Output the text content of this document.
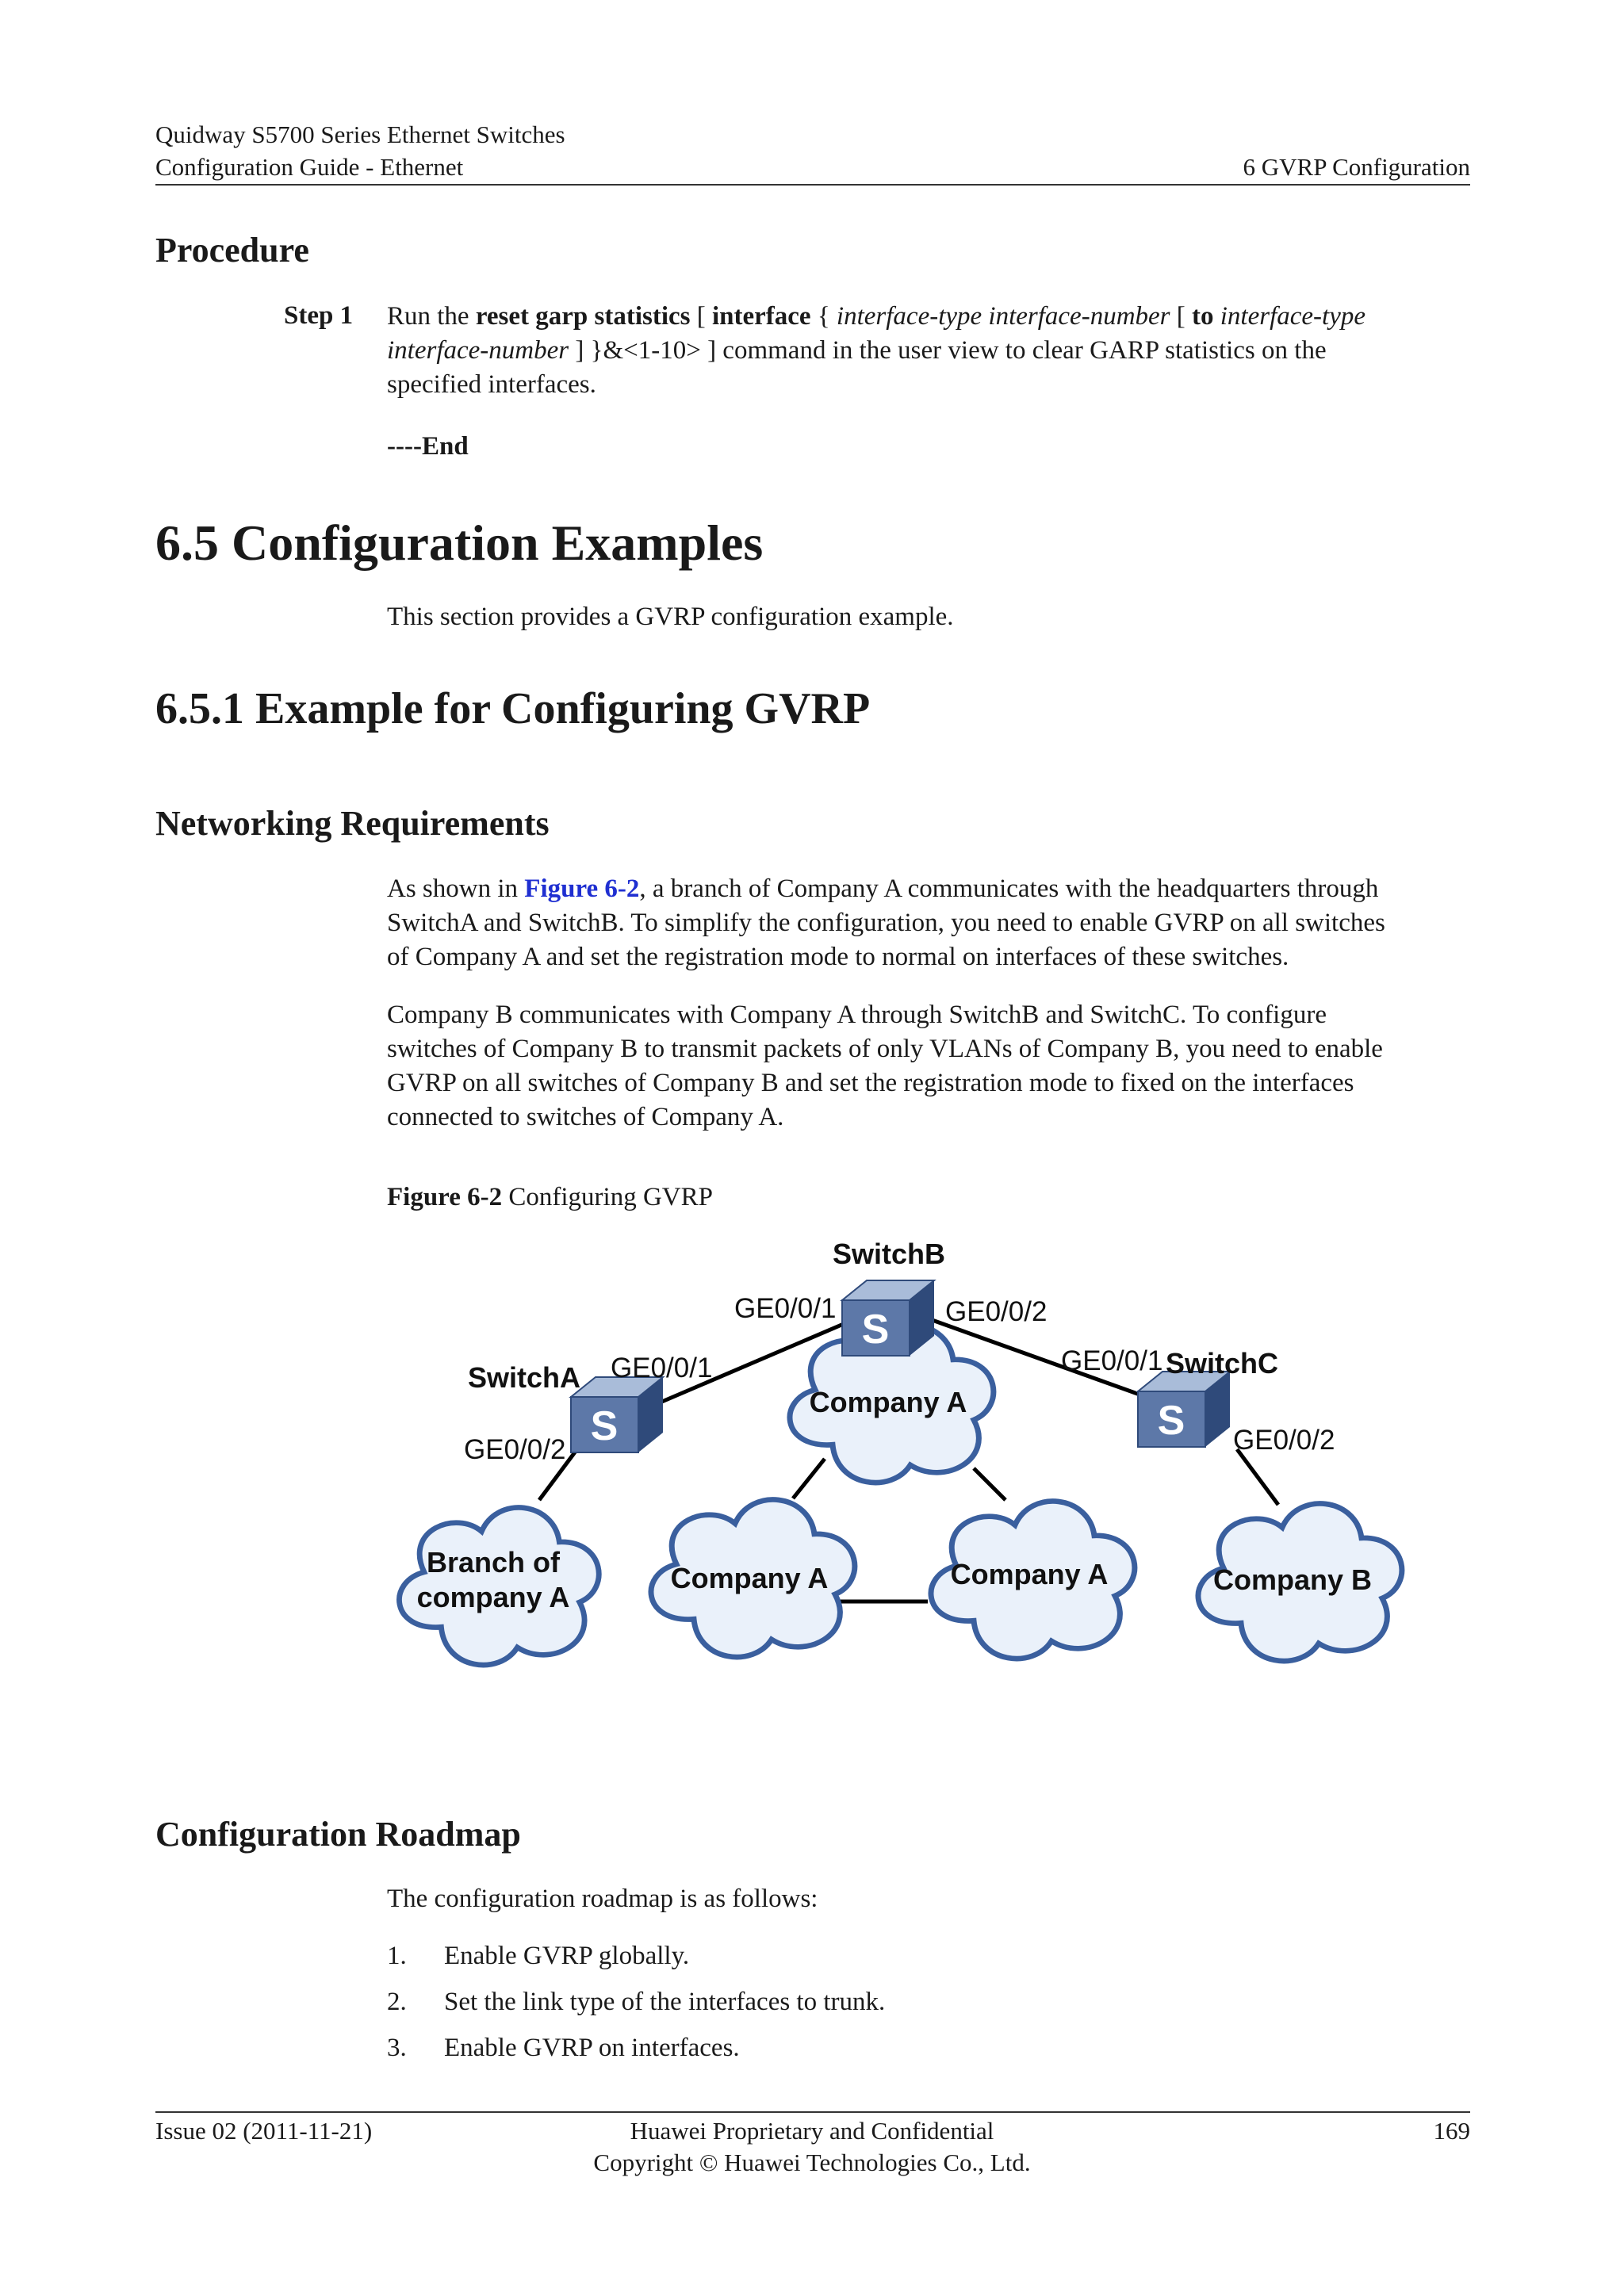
Quidway S5700 Series Ethernet Switches
Configuration Guide - Ethernet	6 GVRP Configuration
Procedure
Step 1 Run the reset garp statistics [ interface { interface-type interface-number [ to interface-type
interface-number ] }&<1-10> ] command in the user view to clear GARP statistics on the
specified interfaces.
----End
6.5 Configuration Examples
This section provides a GVRP configuration example.
6.5.1 Example for Configuring GVRP
Networking Requirements
As shown in Figure 6-2, a branch of Company A communicates with the headquarters through
SwitchA and SwitchB. To simplify the configuration, you need to enable GVRP on all switches
of Company A and set the registration mode to normal on interfaces of these switches.
Company B communicates with Company A through SwitchB and SwitchC. To configure
switches of Company B to transmit packets of only VLANs of Company B, you need to enable
GVRP on all switches of Company B and set the registration mode to fixed on the interfaces
connected to switches of Company A.
Figure 6-2 Configuring GVRP
S
S	S
SwitchB
SwitchA	SwitchC
GE0/0/1	GE0/0/2
GE0/0/1
GE0/0/2
GE0/0/1
GE0/0/2
Company A
Branch of
company A
Company A	Company A	Company B
Configuration Roadmap
The configuration roadmap is as follows:
1. Enable GVRP globally.
2. Set the link type of the interfaces to trunk.
3. Enable GVRP on interfaces.
Issue 02 (2011-11-21)	Huawei Proprietary and Confidential
Copyright © Huawei Technologies Co., Ltd.
169
